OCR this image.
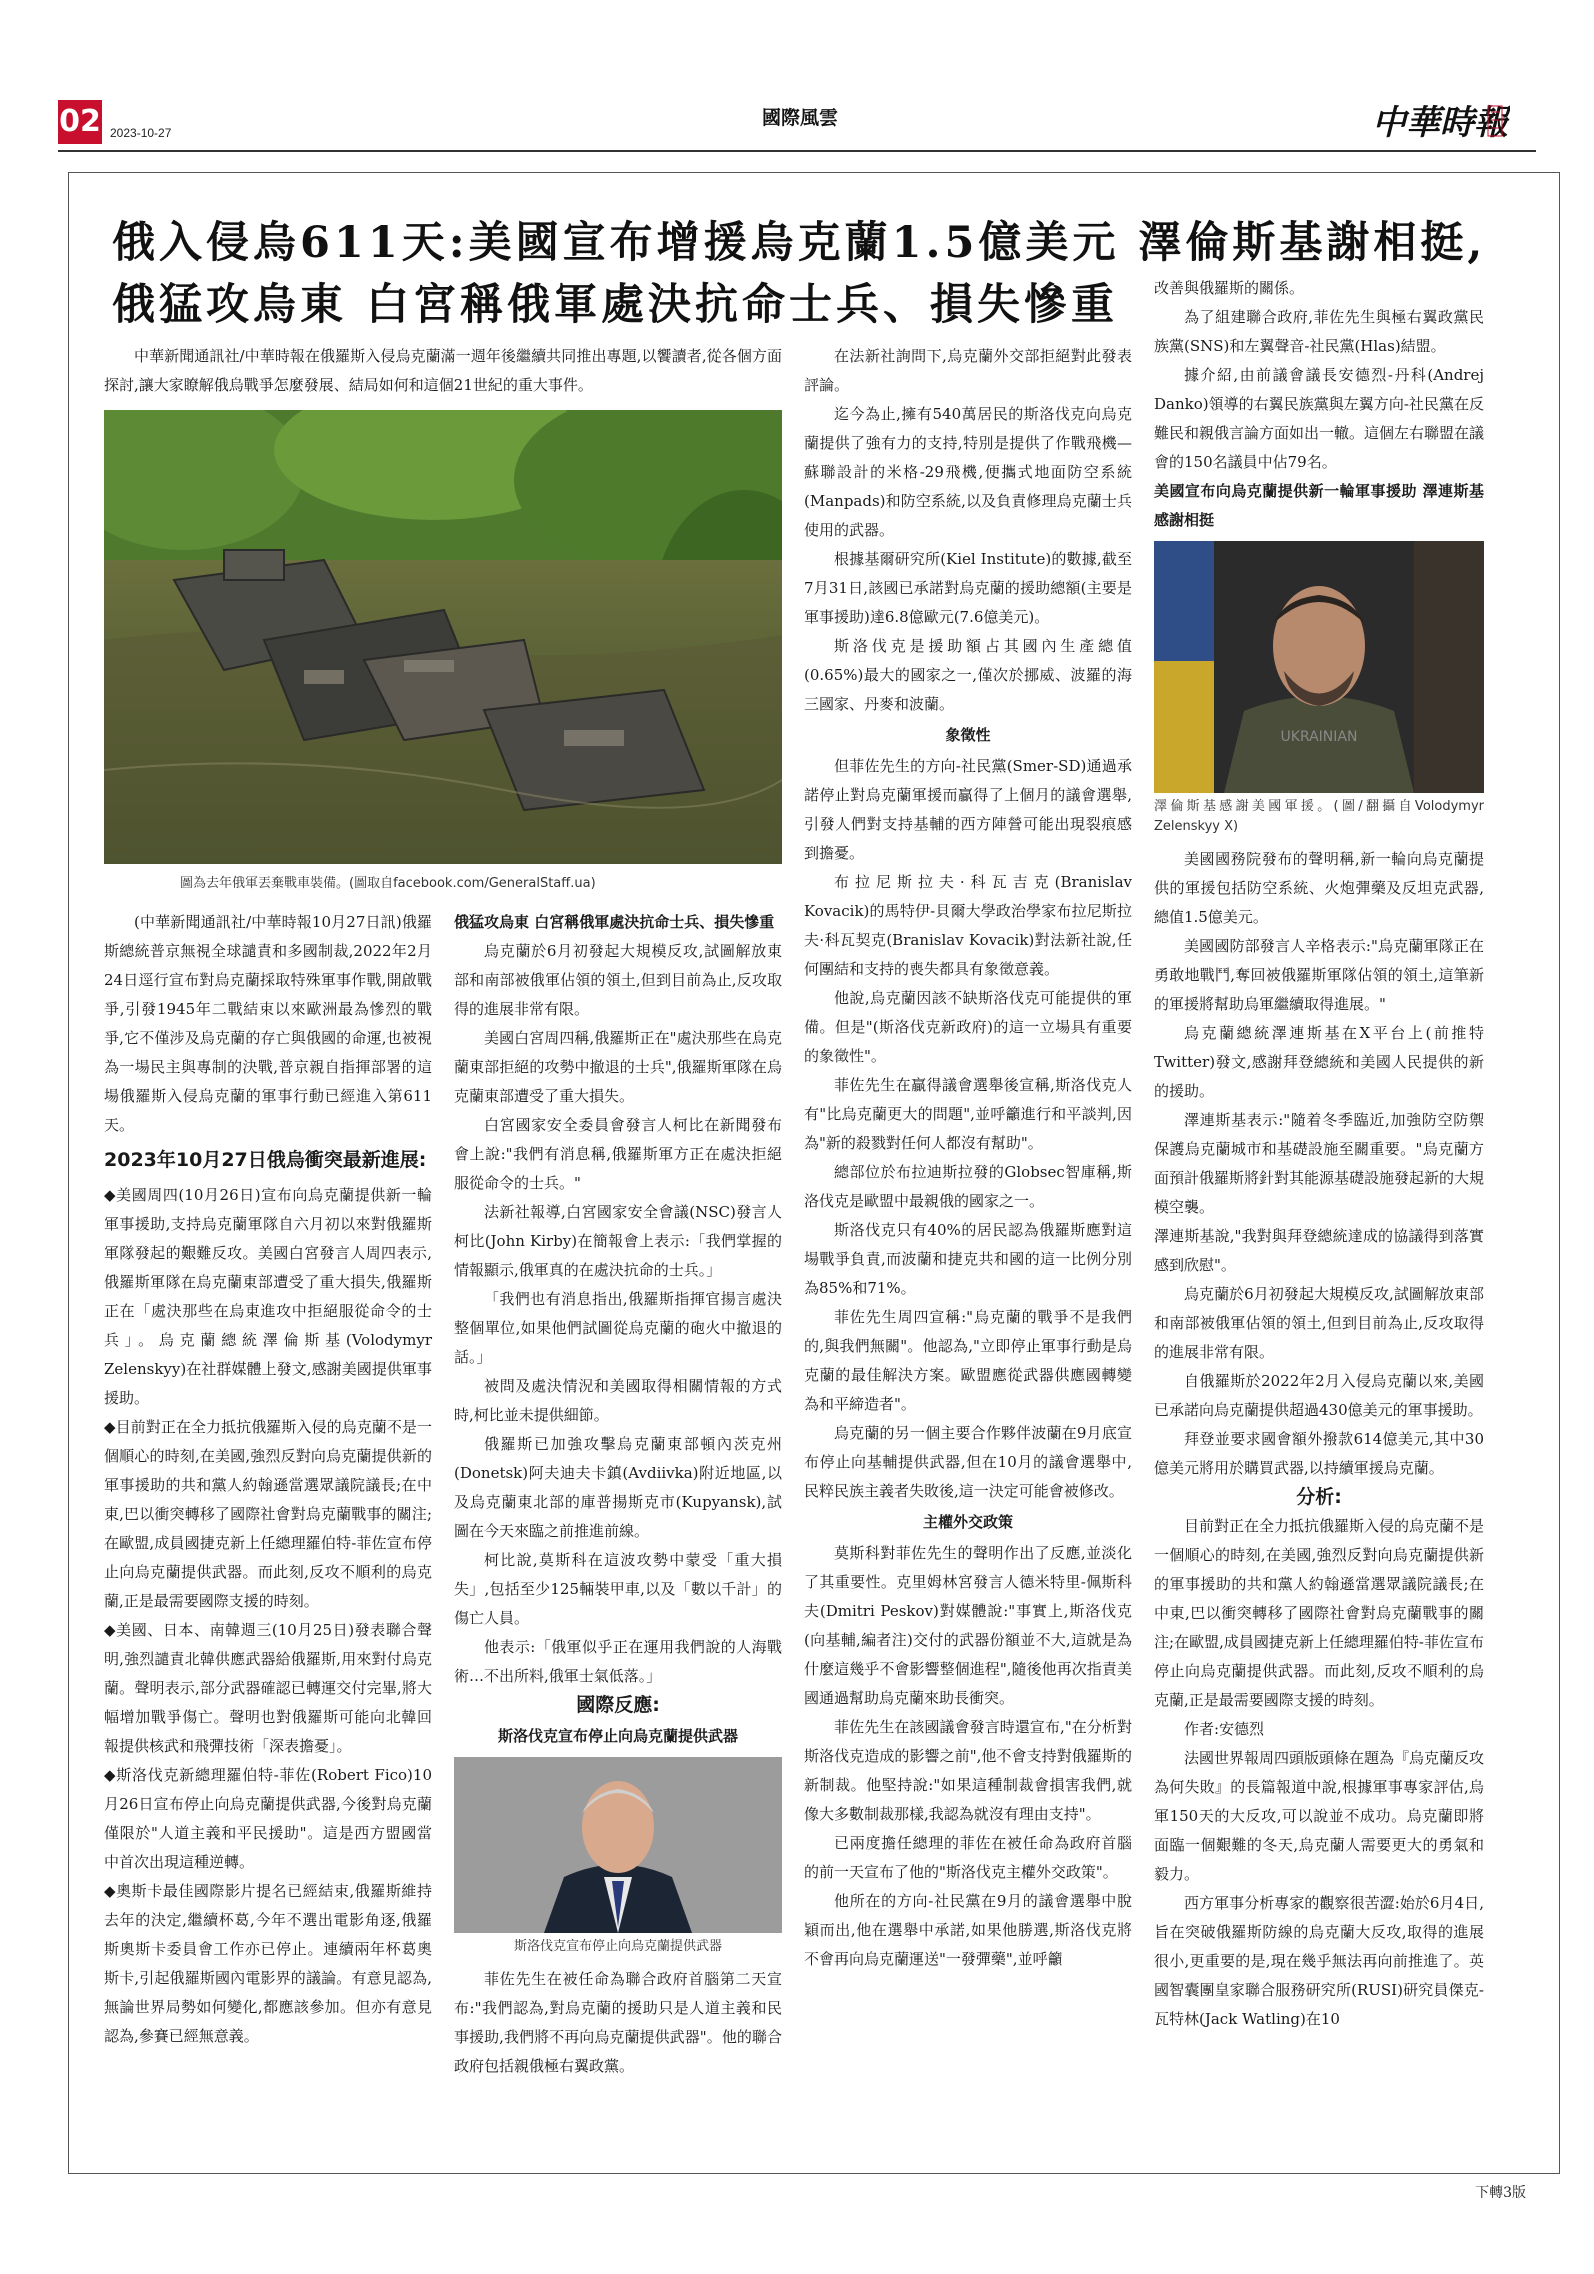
02 2023-10-27
國際風雲	中華時報
俄入侵烏611天:美國宣布增援烏克蘭1.5億美元 澤倫斯基謝相挺,
俄猛攻烏東 白宮稱俄軍處決抗命士兵、損失慘重

中華新聞通訊社/中華時報在俄羅斯入侵烏克蘭滿一週年後繼續共同推出專題,以饗讀者,從各個方面探討,讓大家瞭解俄烏戰爭怎麼發展、結局如何和這個21世紀的重大事件。

圖為去年俄軍丟棄戰車裝備。(圖取自facebook.com/GeneralStaff.ua)

(中華新聞通訊社/中華時報10月27日訊)俄羅斯總統普京無視全球譴責和多國制裁,2022年2月24日逕行宣布對烏克蘭採取特殊軍事作戰,開啟戰爭,引發1945年二戰結束以來歐洲最為慘烈的戰爭,它不僅涉及烏克蘭的存亡與俄國的命運,也被視為一場民主與專制的決戰,普京親自指揮部署的這場俄羅斯入侵烏克蘭的軍事行動已經進入第611天。

2023年10月27日俄烏衝突最新進展:

◆美國周四(10月26日)宣布向烏克蘭提供新一輪軍事援助,支持烏克蘭軍隊自六月初以來對俄羅斯軍隊發起的艱難反攻。美國白宮發言人周四表示,俄羅斯軍隊在烏克蘭東部遭受了重大損失,俄羅斯正在「處決那些在烏東進攻中拒絕服從命令的士兵」。烏克蘭總統澤倫斯基(Volodymyr Zelenskyy)在社群媒體上發文,感謝美國提供軍事援助。

◆目前對正在全力抵抗俄羅斯入侵的烏克蘭不是一個順心的時刻,在美國,強烈反對向烏克蘭提供新的軍事援助的共和黨人約翰遜當選眾議院議長;在中東,巴以衝突轉移了國際社會對烏克蘭戰事的關注;在歐盟,成員國捷克新上任總理羅伯特-菲佐宣布停止向烏克蘭提供武器。而此刻,反攻不順利的烏克蘭,正是最需要國際支援的時刻。

◆美國、日本、南韓週三(10月25日)發表聯合聲明,強烈譴責北韓供應武器給俄羅斯,用來對付烏克蘭。聲明表示,部分武器確認已轉運交付完畢,將大幅增加戰爭傷亡。聲明也對俄羅斯可能向北韓回報提供核武和飛彈技術「深表擔憂」。

◆斯洛伐克新總理羅伯特-菲佐(Robert Fico)10月26日宣布停止向烏克蘭提供武器,今後對烏克蘭僅限於"人道主義和平民援助"。這是西方盟國當中首次出現這種逆轉。

◆奧斯卡最佳國際影片提名已經結束,俄羅斯維持去年的決定,繼續杯葛,今年不選出電影角逐,俄羅斯奧斯卡委員會工作亦已停止。連續兩年杯葛奧斯卡,引起俄羅斯國內電影界的議論。有意見認為,無論世界局勢如何變化,都應該參加。但亦有意見認為,參賽已經無意義。

俄猛攻烏東 白宮稱俄軍處決抗命士兵、損失慘重

烏克蘭於6月初發起大規模反攻,試圖解放東部和南部被俄軍佔領的領土,但到目前為止,反攻取得的進展非常有限。

美國白宮周四稱,俄羅斯正在"處決那些在烏克蘭東部拒絕的攻勢中撤退的士兵",俄羅斯軍隊在烏克蘭東部遭受了重大損失。

白宮國家安全委員會發言人柯比在新聞發布會上說:"我們有消息稱,俄羅斯軍方正在處決拒絕服從命令的士兵。"

法新社報導,白宮國家安全會議(NSC)發言人柯比(John Kirby)在簡報會上表示:「我們掌握的情報顯示,俄軍真的在處決抗命的士兵。」

「我們也有消息指出,俄羅斯指揮官揚言處決整個單位,如果他們試圖從烏克蘭的砲火中撤退的話。」

被問及處決情況和美國取得相關情報的方式時,柯比並未提供細節。

俄羅斯已加強攻擊烏克蘭東部頓內茨克州(Donetsk)阿夫迪夫卡鎮(Avdiivka)附近地區,以及烏克蘭東北部的庫普揚斯克市(Kupyansk),試圖在今天來臨之前推進前線。

柯比說,莫斯科在這波攻勢中蒙受「重大損失」,包括至少125輛裝甲車,以及「數以千計」的傷亡人員。

他表示:「俄軍似乎正在運用我們說的人海戰術…不出所料,俄軍士氣低落。」

國際反應:

斯洛伐克宣布停止向烏克蘭提供武器

斯洛伐克宣布停止向烏克蘭提供武器

菲佐先生在被任命為聯合政府首腦第二天宣布:"我們認為,對烏克蘭的援助只是人道主義和民事援助,我們將不再向烏克蘭提供武器"。他的聯合政府包括親俄極右翼政黨。

在法新社詢問下,烏克蘭外交部拒絕對此發表評論。

迄今為止,擁有540萬居民的斯洛伐克向烏克蘭提供了強有力的支持,特別是提供了作戰飛機—蘇聯設計的米格-29飛機,便攜式地面防空系統(Manpads)和防空系統,以及負責修理烏克蘭士兵使用的武器。

根據基爾研究所(Kiel Institute)的數據,截至7月31日,該國已承諾對烏克蘭的援助總額(主要是軍事援助)達6.8億歐元(7.6億美元)。

斯洛伐克是援助額占其國內生產總值(0.65%)最大的國家之一,僅次於挪威、波羅的海三國家、丹麥和波蘭。

象徵性

但菲佐先生的方向-社民黨(Smer-SD)通過承諾停止對烏克蘭軍援而贏得了上個月的議會選舉,引發人們對支持基輔的西方陣營可能出現裂痕感到擔憂。

布拉尼斯拉夫·科瓦吉克(Branislav Kovacik)的馬特伊-貝爾大學政治學家布拉尼斯拉夫·科瓦契克(Branislav Kovacik)對法新社說,任何團結和支持的喪失都具有象徵意義。

他說,烏克蘭因該不缺斯洛伐克可能提供的軍備。但是"(斯洛伐克新政府)的這一立場具有重要的象徵性"。

菲佐先生在贏得議會選舉後宣稱,斯洛伐克人有"比烏克蘭更大的問題",並呼籲進行和平談判,因為"新的殺戮對任何人都沒有幫助"。

總部位於布拉迪斯拉發的Globsec智庫稱,斯洛伐克是歐盟中最親俄的國家之一。

斯洛伐克只有40%的居民認為俄羅斯應對這場戰爭負責,而波蘭和捷克共和國的這一比例分別為85%和71%。

菲佐先生周四宣稱:"烏克蘭的戰爭不是我們的,與我們無關"。他認為,"立即停止軍事行動是烏克蘭的最佳解決方案。歐盟應從武器供應國轉變為和平締造者"。

烏克蘭的另一個主要合作夥伴波蘭在9月底宣布停止向基輔提供武器,但在10月的議會選舉中,民粹民族主義者失敗後,這一決定可能會被修改。

主權外交政策

莫斯科對菲佐先生的聲明作出了反應,並淡化了其重要性。克里姆林宮發言人德米特里-佩斯科夫(Dmitri Peskov)對媒體說:"事實上,斯洛伐克(向基輔,編者注)交付的武器份額並不大,這就是為什麼這幾乎不會影響整個進程",隨後他再次指責美國通過幫助烏克蘭來助長衝突。

菲佐先生在該國議會發言時還宣布,"在分析對斯洛伐克造成的影響之前",他不會支持對俄羅斯的新制裁。他堅持說:"如果這種制裁會損害我們,就像大多數制裁那樣,我認為就沒有理由支持"。

已兩度擔任總理的菲佐在被任命為政府首腦的前一天宣布了他的"斯洛伐克主權外交政策"。

他所在的方向-社民黨在9月的議會選舉中脫穎而出,他在選舉中承諾,如果他勝選,斯洛伐克將不會再向烏克蘭運送"一發彈藥",並呼籲

改善與俄羅斯的關係。

為了組建聯合政府,菲佐先生與極右翼政黨民族黨(SNS)和左翼聲音-社民黨(Hlas)結盟。

據介紹,由前議會議長安德烈-丹科(Andrej Danko)領導的右翼民族黨與左翼方向-社民黨在反難民和親俄言論方面如出一轍。這個左右聯盟在議會的150名議員中佔79名。

美國宣布向烏克蘭提供新一輪軍事援助 澤連斯基感謝相挺

UKRAINIAN
澤倫斯基感謝美國軍援。(圖/翻攝自Volodymyr Zelenskyy X)

美國國務院發布的聲明稱,新一輪向烏克蘭提供的軍援包括防空系統、火炮彈藥及反坦克武器,總值1.5億美元。

美國國防部發言人辛格表示:"烏克蘭軍隊正在勇敢地戰鬥,奪回被俄羅斯軍隊佔領的領土,這筆新的軍援將幫助烏軍繼續取得進展。"

烏克蘭總統澤連斯基在X平台上(前推特Twitter)發文,感謝拜登總統和美國人民提供的新的援助。

澤連斯基表示:"隨着冬季臨近,加強防空防禦保護烏克蘭城市和基礎設施至關重要。"烏克蘭方面預計俄羅斯將針對其能源基礎設施發起新的大規模空襲。

澤連斯基說,"我對與拜登總統達成的協議得到落實感到欣慰"。

烏克蘭於6月初發起大規模反攻,試圖解放東部和南部被俄軍佔領的領土,但到目前為止,反攻取得的進展非常有限。

自俄羅斯於2022年2月入侵烏克蘭以來,美國已承諾向烏克蘭提供超過430億美元的軍事援助。

拜登並要求國會額外撥款614億美元,其中30億美元將用於購買武器,以持續軍援烏克蘭。

分析:

目前對正在全力抵抗俄羅斯入侵的烏克蘭不是一個順心的時刻,在美國,強烈反對向烏克蘭提供新的軍事援助的共和黨人約翰遜當選眾議院議長;在中東,巴以衝突轉移了國際社會對烏克蘭戰事的關注;在歐盟,成員國捷克新上任總理羅伯特-菲佐宣布停止向烏克蘭提供武器。而此刻,反攻不順利的烏克蘭,正是最需要國際支援的時刻。

作者:安德烈

法國世界報周四頭版頭條在題為『烏克蘭反攻為何失敗』的長篇報道中說,根據軍事專家評估,烏軍150天的大反攻,可以說並不成功。烏克蘭即將面臨一個艱難的冬天,烏克蘭人需要更大的勇氣和毅力。

西方軍事分析專家的觀察很苦澀:始於6月4日,旨在突破俄羅斯防線的烏克蘭大反攻,取得的進展很小,更重要的是,現在幾乎無法再向前推進了。英國智囊團皇家聯合服務研究所(RUSI)研究員傑克-瓦特林(Jack Watling)在10

下轉3版
